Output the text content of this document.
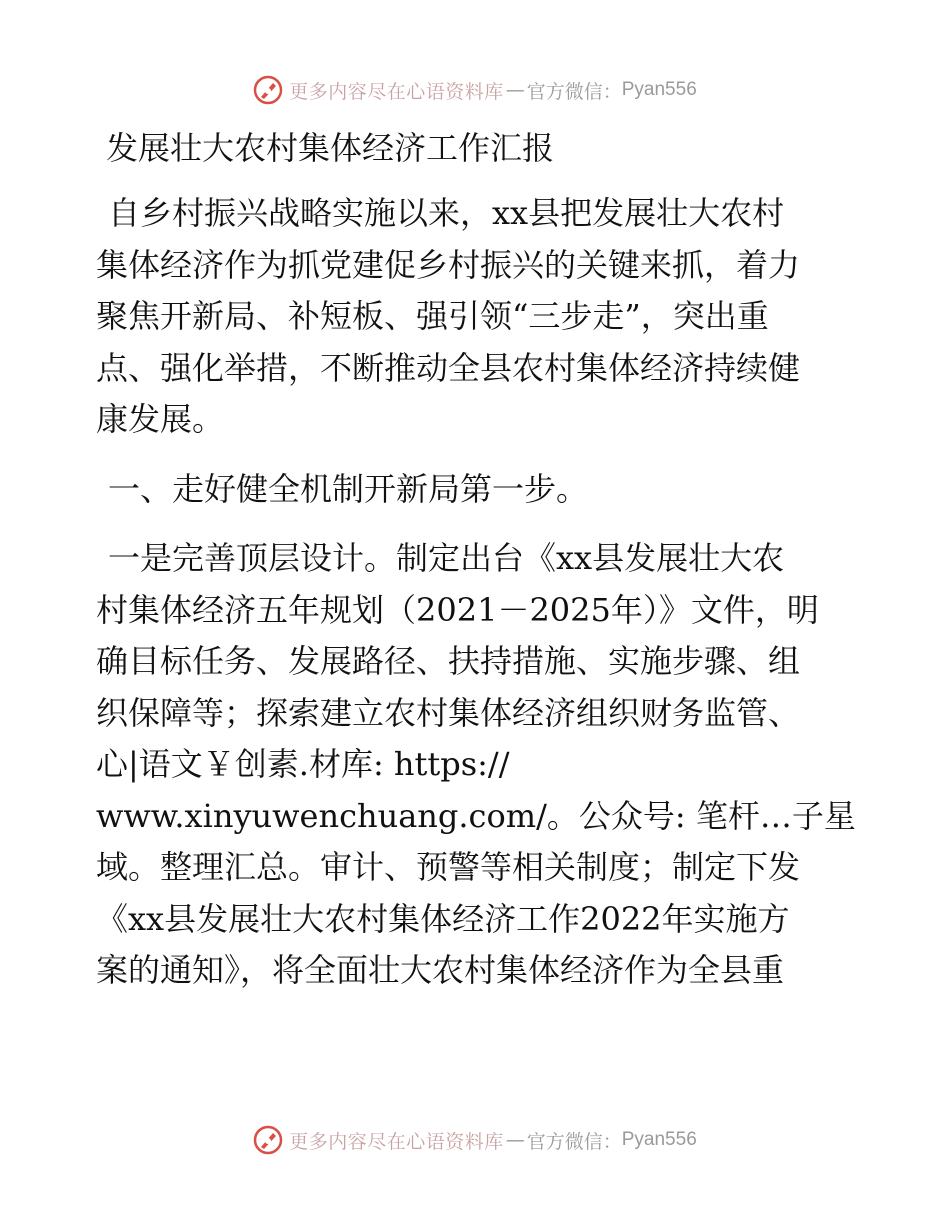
更多内容尽在心语资料库 — 官方微信： Pyan556
发展壮大农村集体经济工作汇报
自乡村振兴战略实施以来，xx县把发展壮大农村
集体经济作为抓党建促乡村振兴的关键来抓，着力
聚焦开新局、补短板、强引领“三步走”，突出重
点、强化举措，不断推动全县农村集体经济持续健
康发展。
一、走好健全机制开新局第一步。
一是完善顶层设计。制定出台《xx县发展壮大农
村集体经济五年规划（2021－2025年）》文件，明
确目标任务、发展路径、扶持措施、实施步骤、组
织保障等；探索建立农村集体经济组织财务监管、
心|语文￥创素.材库: https://
www.xinyuwenchuang.com/。公众号: 笔杆…子星
域。整理汇总。审计、预警等相关制度；制定下发
《xx县发展壮大农村集体经济工作2022年实施方
案的通知》，将全面壮大农村集体经济作为全县重
更多内容尽在心语资料库 — 官方微信： Pyan556
